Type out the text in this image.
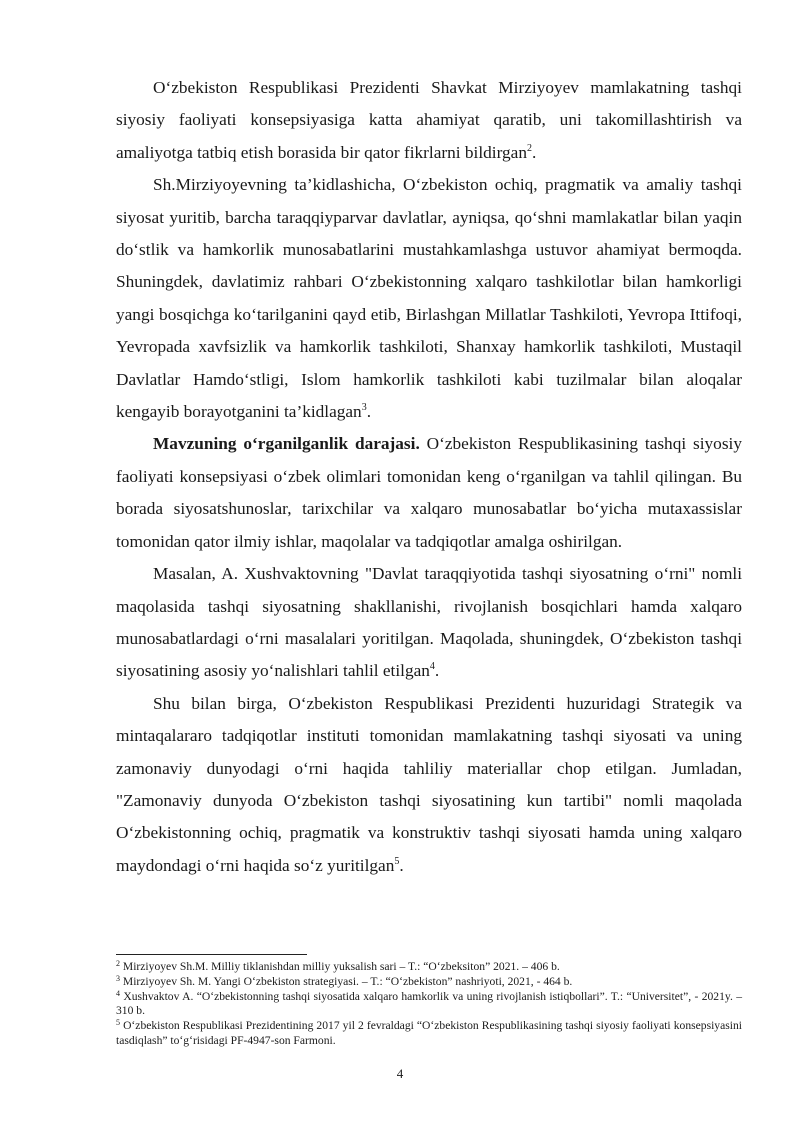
O‘zbekiston Respublikasi Prezidenti Shavkat Mirziyoyev mamlakatning tashqi siyosiy faoliyati konsepsiyasiga katta ahamiyat qaratib, uni takomillashtirish va amaliyotga tatbiq etish borasida bir qator fikrlarni bildirgan$^2$.

Sh.Mirziyoyevning ta’kidlashicha, O‘zbekiston ochiq, pragmatik va amaliy tashqi siyosat yuritib, barcha taraqqiyparvar davlatlar, ayniqsa, qo‘shni mamlakatlar bilan yaqin do‘stlik va hamkorlik munosabatlarini mustahkamlashga ustuvor ahamiyat bermoqda. Shuningdek, davlatimiz rahbari O‘zbekistonning xalqaro tashkilotlar bilan hamkorligi yangi bosqichga ko‘tarilganini qayd etib, Birlashgan Millatlar Tashkiloti, Yevropa Ittifoqi, Yevropada xavfsizlik va hamkorlik tashkiloti, Shanxay hamkorlik tashkiloti, Mustaqil Davlatlar Hamdo‘stligi, Islom hamkorlik tashkiloti kabi tuzilmalar bilan aloqalar kengayib borayotganini ta’kidlagan$^3$.

Mavzuning o‘rganilganlik darajasi. O‘zbekiston Respublikasining tashqi siyosiy faoliyati konsepsiyasi o‘zbek olimlari tomonidan keng o‘rganilgan va tahlil qilingan. Bu borada siyosatshunoslar, tarixchilar va xalqaro munosabatlar bo‘yicha mutaxassislar tomonidan qator ilmiy ishlar, maqolalar va tadqiqotlar amalga oshirilgan.

Masalan, A. Xushvaktovning "Davlat taraqqiyotida tashqi siyosatning o‘rni" nomli maqolasida tashqi siyosatning shakllanishi, rivojlanish bosqichlari hamda xalqaro munosabatlardagi o‘rni masalalari yoritilgan. Maqolada, shuningdek, O‘zbekiston tashqi siyosatining asosiy yo‘nalishlari tahlil etilgan$^4$.

Shu bilan birga, O‘zbekiston Respublikasi Prezidenti huzuridagi Strategik va mintaqalararo tadqiqotlar instituti tomonidan mamlakatning tashqi siyosati va uning zamonaviy dunyodagi o‘rni haqida tahliliy materiallar chop etilgan. Jumladan, "Zamonaviy dunyoda O‘zbekiston tashqi siyosatining kun tartibi" nomli maqolada O‘zbekistonning ochiq, pragmatik va konstruktiv tashqi siyosati hamda uning xalqaro maydondagi o‘rni haqida so‘z yuritilgan$^5$.

$^2$ Mirziyoyev Sh.M. Milliy tiklanishdan milliy yuksalish sari – T.: “O‘zbeksiton” 2021. – 406 b.

$^3$ Mirziyoyev Sh. M. Yangi O‘zbekiston strategiyasi. – T.: “O‘zbekiston” nashriyoti, 2021, - 464 b.

$^4$ Xushvaktov A. “O‘zbekistonning tashqi siyosatida xalqaro hamkorlik va uning rivojlanish istiqbollari”. T.: “Universitet”, - 2021y. – 310 b.

$^5$ O‘zbekiston Respublikasi Prezidentining 2017 yil 2 fevraldagi “O‘zbekiston Respublikasining tashqi siyosiy faoliyati konsepsiyasini tasdiqlash” to‘g‘risidagi PF-4947-son Farmoni.

4
